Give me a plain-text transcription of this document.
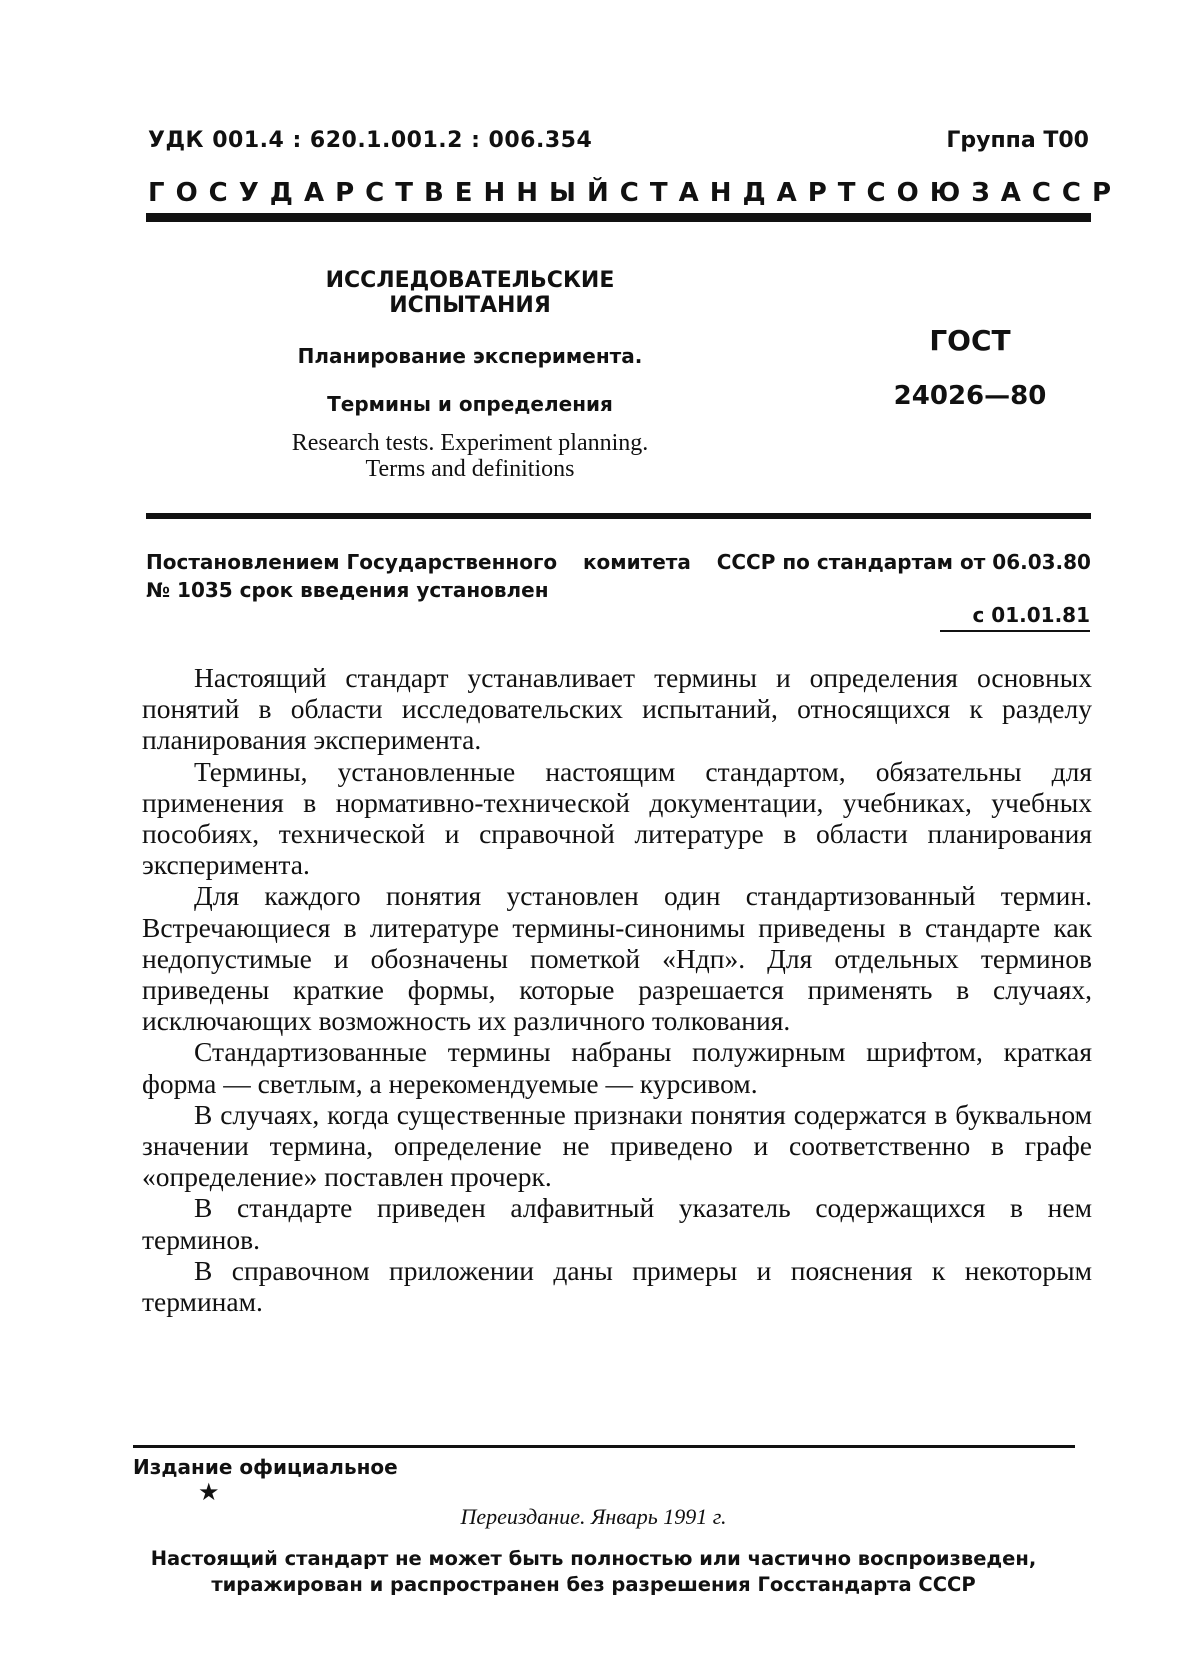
УДК 001.4 : 620.1.001.2 : 006.354	Группа Т00
ГОСУДАРСТВЕННЫЙ СТАНДАРТ СОЮЗА ССР
ИССЛЕДОВАТЕЛЬСКИЕ ИСПЫТАНИЯ
Планирование эксперимента.
Термины и определения
Research tests. Experiment planning.
Terms and definitions
ГОСТ
24026—80
Постановлением Государственного комитета СССР по стандартам от 06.03.80
№ 1035 срок введения установлен
с 01.01.81

Настоящий стандарт устанавливает термины и определения основных понятий в области исследовательских испытаний, относящихся к разделу планирования эксперимента.

Термины, установленные настоящим стандартом, обязательны для применения в нормативно-технической документации, учебниках, учебных пособиях, технической и справочной литературе в области планирования эксперимента.

Для каждого понятия установлен один стандартизованный термин. Встречающиеся в литературе термины-синонимы приведены в стандарте как недопустимые и обозначены пометкой «Ндп». Для отдельных терминов приведены краткие формы, которые разрешается применять в случаях, исключающих возможность их различного толкования.

Стандартизованные термины набраны полужирным шрифтом, краткая форма — светлым, а нерекомендуемые — курсивом.

В случаях, когда существенные признаки понятия содержатся в буквальном значении термина, определение не приведено и соответственно в графе «определение» поставлен прочерк.

В стандарте приведен алфавитный указатель содержащихся в нем терминов.

В справочном приложении даны примеры и пояснения к некоторым терминам.

Издание официальное
★
Переиздание. Январь 1991 г.
Настоящий стандарт не может быть полностью или частично воспроизведен,
тиражирован и распространен без разрешения Госстандарта СССР
